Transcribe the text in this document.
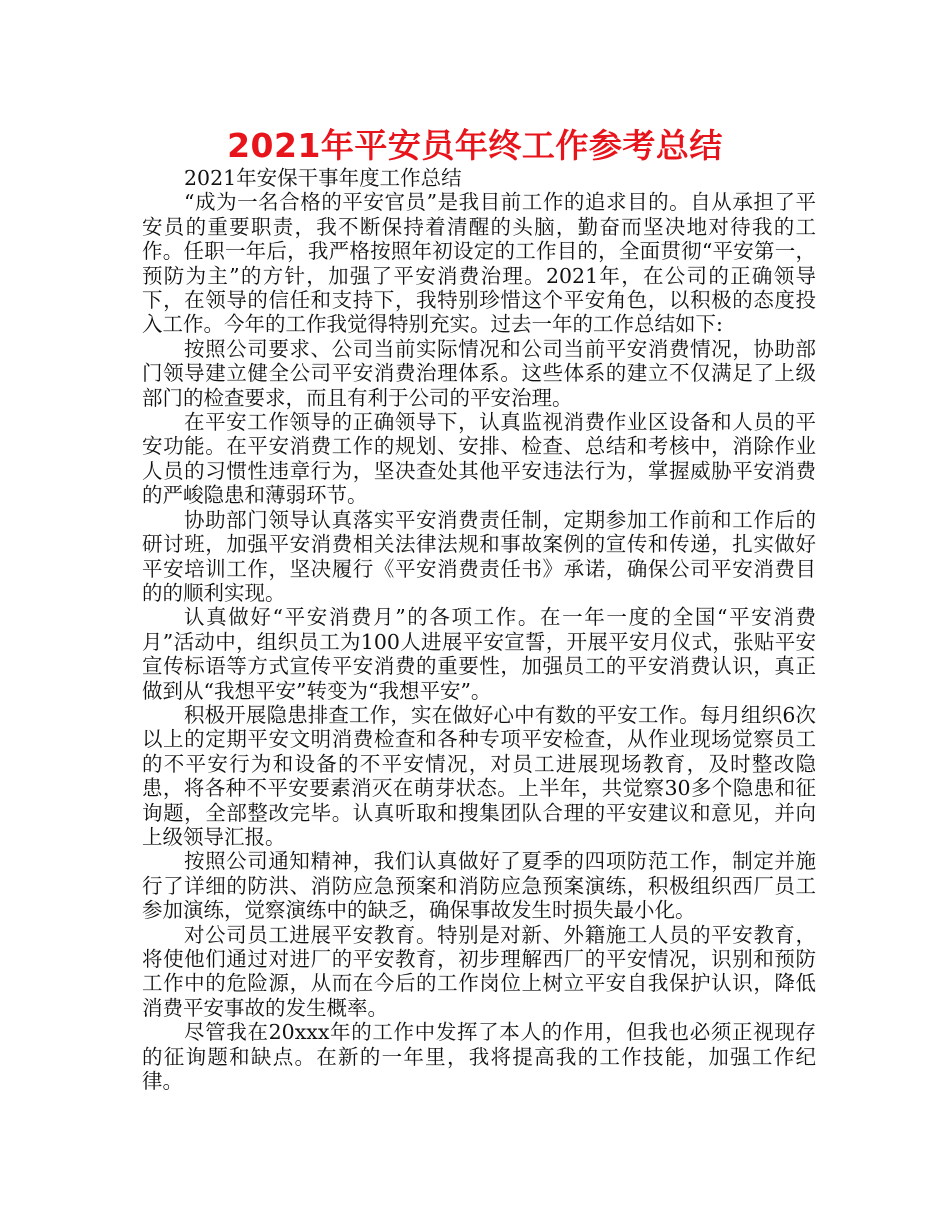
2021年平安员年终工作参考总结

2021年安保干事年度工作总结

“成为一名合格的平安官员”是我目前工作的追求目的。自从承担了平安员的重要职责，我不断保持着清醒的头脑，勤奋而坚决地对待我的工作。任职一年后，我严格按照年初设定的工作目的，全面贯彻“平安第一，预防为主”的方针，加强了平安消费治理。2021年，在公司的正确领导下，在领导的信任和支持下，我特别珍惜这个平安角色，以积极的态度投入工作。今年的工作我觉得特别充实。过去一年的工作总结如下:

按照公司要求、公司当前实际情况和公司当前平安消费情况，协助部门领导建立健全公司平安消费治理体系。这些体系的建立不仅满足了上级部门的检查要求，而且有利于公司的平安治理。

在平安工作领导的正确领导下，认真监视消费作业区设备和人员的平安功能。在平安消费工作的规划、安排、检查、总结和考核中，消除作业人员的习惯性违章行为，坚决查处其他平安违法行为，掌握威胁平安消费的严峻隐患和薄弱环节。

协助部门领导认真落实平安消费责任制，定期参加工作前和工作后的研讨班，加强平安消费相关法律法规和事故案例的宣传和传递，扎实做好平安培训工作，坚决履行《平安消费责任书》承诺，确保公司平安消费目的的顺利实现。

认真做好“平安消费月”的各项工作。在一年一度的全国“平安消费月”活动中，组织员工为100人进展平安宣誓，开展平安月仪式，张贴平安宣传标语等方式宣传平安消费的重要性，加强员工的平安消费认识，真正做到从“我想平安”转变为“我想平安”。

积极开展隐患排查工作，实在做好心中有数的平安工作。每月组织6次以上的定期平安文明消费检查和各种专项平安检查，从作业现场觉察员工的不平安行为和设备的不平安情况，对员工进展现场教育，及时整改隐患，将各种不平安要素消灭在萌芽状态。上半年，共觉察30多个隐患和征询题，全部整改完毕。认真听取和搜集团队合理的平安建议和意见，并向上级领导汇报。

按照公司通知精神，我们认真做好了夏季的四项防范工作，制定并施行了详细的防洪、消防应急预案和消防应急预案演练，积极组织西厂员工参加演练，觉察演练中的缺乏，确保事故发生时损失最小化。

对公司员工进展平安教育。特别是对新、外籍施工人员的平安教育，将使他们通过对进厂的平安教育，初步理解西厂的平安情况，识别和预防工作中的危险源，从而在今后的工作岗位上树立平安自我保护认识，降低消费平安事故的发生概率。

尽管我在20xxx年的工作中发挥了本人的作用，但我也必须正视现存的征询题和缺点。在新的一年里，我将提高我的工作技能，加强工作纪律。
